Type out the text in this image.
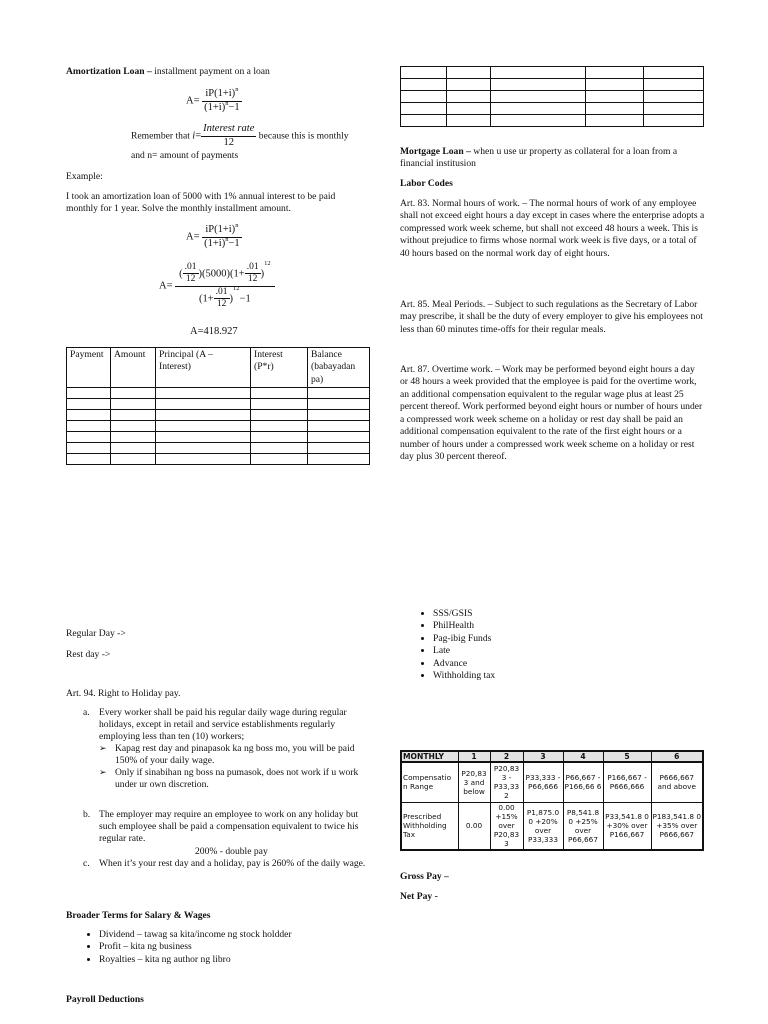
Amortization Loan – installment payment on a loan

$A= \frac{iP(1+i)^n}{(1+i)^n-1}$
Remember that $i= \frac{\text{Interest rate}}{12}$ because this is monthly
and n= amount of payments

Example:

I took an amortization loan of 5000 with 1% annual interest to be paid monthly for 1 year. Solve the monthly installment amount.

$A= \frac{iP(1+i)^n}{(1+i)^n-1}$
$A= \frac{( \frac{.01}{12} )(5000)(1+ \frac{.01}{12} )^{12}}{(1+ \frac{.01}{12} )^{12}-1}$

A=418.927

Payment	Amount	Principal (A – Interest)	Interest (P*r)	Balance (babayadan pa)

Regular Day ->

Rest day ->

Art. 94. Right to Holiday pay.

a. Every worker shall be paid his regular daily wage during regular holidays, except in retail and service establishments regularly employing less than ten (10) workers;
➢ Kapag rest day and pinapasok ka ng boss mo, you will be paid 150% of your daily wage.
➢ Only if sinabihan ng boss na pumasok, does not work if u work under ur own discretion.
b. The employer may require an employee to work on any holiday but such employee shall be paid a compensation equivalent to twice his regular rate.

200% - double pay

c. When it’s your rest day and a holiday, pay is 260% of the daily wage.

Broader Terms for Salary & Wages

• Dividend – tawag sa kita/income ng stock holdder
• Profit – kita ng business
• Royalties – kita ng author ng libro

Payroll Deductions

Mortgage Loan – when u use ur property as collateral for a loan from a financial institusion

Labor Codes

Art. 83. Normal hours of work. – The normal hours of work of any employee shall not exceed eight hours a day except in cases where the enterprise adopts a compressed work week scheme, but shall not exceed 48 hours a week. This is without prejudice to firms whose normal work week is five days, or a total of 40 hours based on the normal work day of eight hours.

Art. 85. Meal Periods. – Subject to such regulations as the Secretary of Labor may prescribe, it shall be the duty of every employer to give his employees not less than 60 minutes time-offs for their regular meals.

Art. 87. Overtime work. – Work may be performed beyond eight hours a day or 48 hours a week provided that the employee is paid for the overtime work, an additional compensation equivalent to the regular wage plus at least 25 percent thereof. Work performed beyond eight hours or number of hours under a compressed work week scheme on a holiday or rest day shall be paid an additional compensation equivalent to the rate of the first eight hours or a number of hours under a compressed work week scheme on a holiday or rest day plus 30 percent thereof.

• SSS/GSIS
• PhilHealth
• Pag-ibig Funds
• Late
• Advance
• Withholding tax
MONTHLY	1	2	3	4	5	6
Compensatio n Range	P20,83 3 and below	P20,83 3 - P33,33 2	P33,333 - P66,666	P66,667 - P166,66 6	P166,667 - P666,666	P666,667 and above
Prescribed Withholding Tax	0.00	0.00 +15% over P20,83 3	P1,875.0 0 +20% over P33,333	P8,541.8 0 +25% over P66,667	P33,541.8 0 +30% over P166,667	P183,541.8 0 +35% over P666,667

Gross Pay –

Net Pay -
